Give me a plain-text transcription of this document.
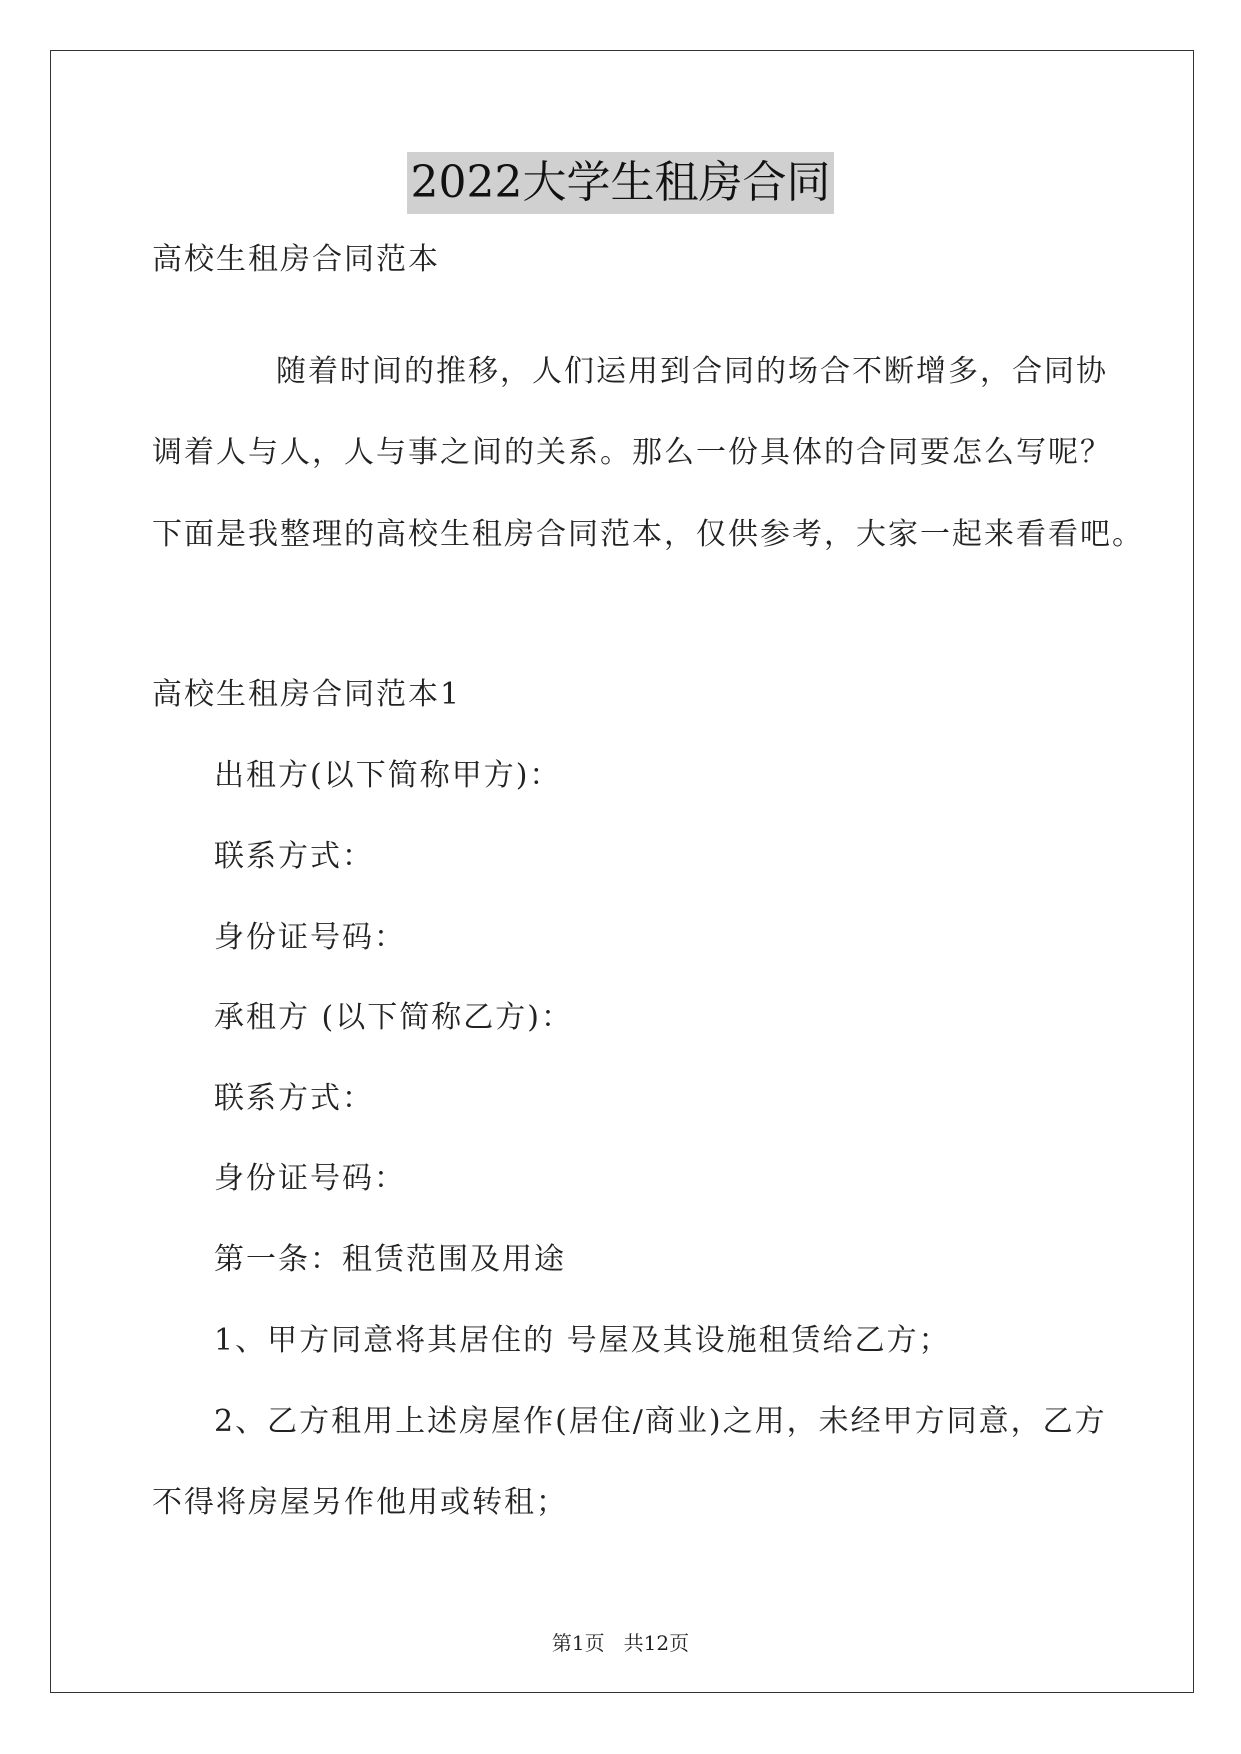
2022大学生租房合同
高校生租房合同范本
随着时间的推移，人们运用到合同的场合不断增多，合同协
调着人与人，人与事之间的关系。那么一份具体的合同要怎么写呢？
下面是我整理的高校生租房合同范本，仅供参考，大家一起来看看吧。
高校生租房合同范本1
出租方(以下简称甲方)：
联系方式：
身份证号码：
承租方 (以下简称乙方)：
联系方式：
身份证号码：
第一条：租赁范围及用途
1、甲方同意将其居住的 号屋及其设施租赁给乙方；
2、乙方租用上述房屋作(居住/商业)之用，未经甲方同意，乙方
不得将房屋另作他用或转租；
第1页   共12页
